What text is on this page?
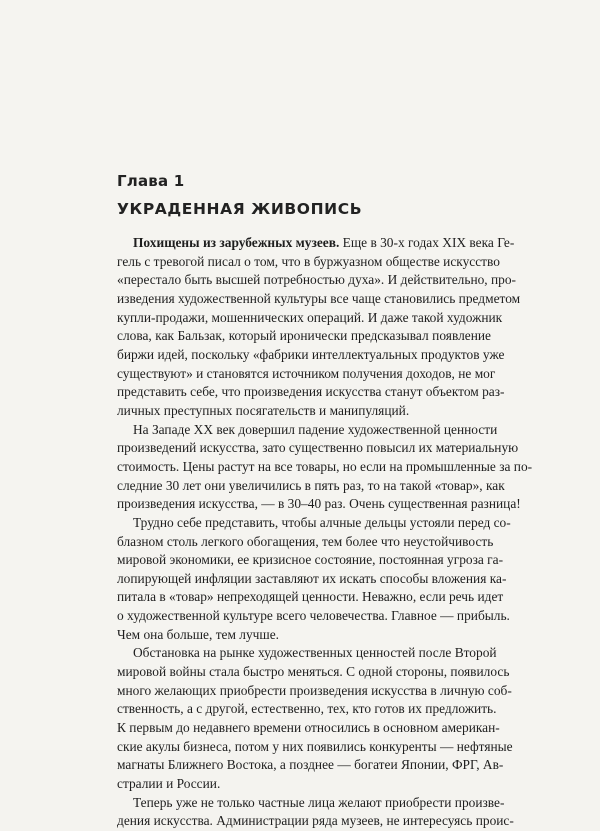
Глава 1
УКРАДЕННАЯ ЖИВОПИСЬ
Похищены из зарубежных музеев. Еще в 30-х годах XIX века Ге-
гель с тревогой писал о том, что в буржуазном обществе искусство
«перестало быть высшей потребностью духа». И действительно, про-
изведения художественной культуры все чаще становились предметом
купли-продажи, мошеннических операций. И даже такой художник
слова, как Бальзак, который иронически предсказывал появление
биржи идей, поскольку «фабрики интеллектуальных продуктов уже
существуют» и становятся источником получения доходов, не мог
представить себе, что произведения искусства станут объектом раз-
личных преступных посягательств и манипуляций.
На Западе XX век довершил падение художественной ценности
произведений искусства, зато существенно повысил их материальную
стоимость. Цены растут на все товары, но если на промышленные за по-
следние 30 лет они увеличились в пять раз, то на такой «товар», как
произведения искусства, — в 30–40 раз. Очень существенная разница!
Трудно себе представить, чтобы алчные дельцы устояли перед со-
блазном столь легкого обогащения, тем более что неустойчивость
мировой экономики, ее кризисное состояние, постоянная угроза га-
лопирующей инфляции заставляют их искать способы вложения ка-
питала в «товар» непреходящей ценности. Неважно, если речь идет
о художественной культуре всего человечества. Главное — прибыль.
Чем она больше, тем лучше.
Обстановка на рынке художественных ценностей после Второй
мировой войны стала быстро меняться. С одной стороны, появилось
много желающих приобрести произведения искусства в личную соб-
ственность, а с другой, естественно, тех, кто готов их предложить.
К первым до недавнего времени относились в основном американ-
ские акулы бизнеса, потом у них появились конкуренты — нефтяные
магнаты Ближнего Востока, а позднее — богатеи Японии, ФРГ, Ав-
стралии и России.
Теперь уже не только частные лица желают приобрести произве-
дения искусства. Администрации ряда музеев, не интересуясь проис-
